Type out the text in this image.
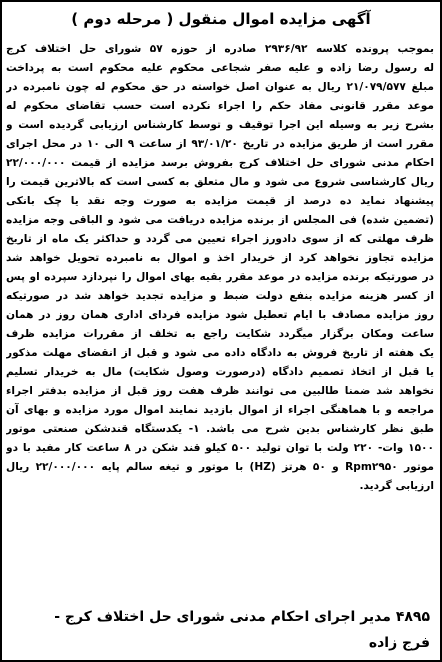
آگهی مزایده اموال منقول ( مرحله دوم )
بموجب پرونده کلاسه ۲۹۳۶/۹۲ صادره از حوزه ۵۷ شورای حل اختلاف کرج
له رسول رضا زاده و علیه صفر شجاعی محکوم علیه محکوم است به پرداخت
مبلغ ۲۱/۰۷۹/۵۷۷ ریال به عنوان اصل خواسته در حق محکوم له چون نامبرده در
موعد مقرر قانونی مفاد حکم را اجراء نکرده است حسب تقاضای محکوم له
بشرح زیر به وسیله این اجرا توقیف و توسط کارشناس ارزیابی گردیده است و
مقرر است از طریق مزایده در تاریخ ۹۳/۰۱/۲۰ از ساعت ۹ الی ۱۰ در محل اجرای
احکام مدنی شورای حل اختلاف کرج بفروش برسد مزایده از قیمت ۲۲/۰۰۰/۰۰۰
ریال کارشناسی شروع می شود و مال متعلق به کسی است که بالاترین قیمت را
پیشنهاد نماید ده درصد از قیمت مزایده به صورت وجه نقد یا چک بانکی
(تضمین شده) فی المجلس از برنده مزایده دریافت می شود و الباقی وجه مزایده
ظرف مهلتی که از سوی دادورز اجراء تعیین می گردد و حداکثر یک ماه از تاریخ
مزایده تجاوز نخواهد کرد از خریدار اخذ و اموال به نامبرده تحویل خواهد شد
در صورتیکه برنده مزایده در موعد مقرر بقیه بهای اموال را نپردازد سپرده او پس
از کسر هزینه مزایده بنفع دولت ضبط و مزایده تجدید خواهد شد در صورتیکه
روز مزایده مصادف با ایام تعطیل شود مزایده فردای اداری همان روز در همان
ساعت ومکان برگزار میگردد شکایت راجع به تخلف از مقررات مزایده ظرف
یک هفته از تاریخ فروش به دادگاه داده می شود و قبل از انقضای مهلت مذکور
یا قبل از اتخاذ تصمیم دادگاه (درصورت وصول شکایت) مال به خریدار تسلیم
نخواهد شد ضمنا طالبین می توانند ظرف هفت روز قبل از مزایده بدفتر اجراء
مراجعه و با هماهنگی اجراء از اموال بازدید نمایند اموال مورد مزایده و بهای آن
طبق نظر کارشناس بدین شرح می باشد. ۱- یکدستگاه قندشکن صنعتی موتور
۱۵۰۰ وات- ۲۲۰ ولت با توان تولید ۵۰۰ کیلو قند شکن در ۸ ساعت کار مفید با دو
موتور Rpm۲۹۵۰ و ۵۰ هرتز (HZ) با موتور و تیغه سالم پایه ۲۲/۰۰۰/۰۰۰ ریال
ارزیابی گردید.
۴۸۹۵ مدیر اجرای احکام مدنی شورای حل اختلاف کرج -
فرج زاده
